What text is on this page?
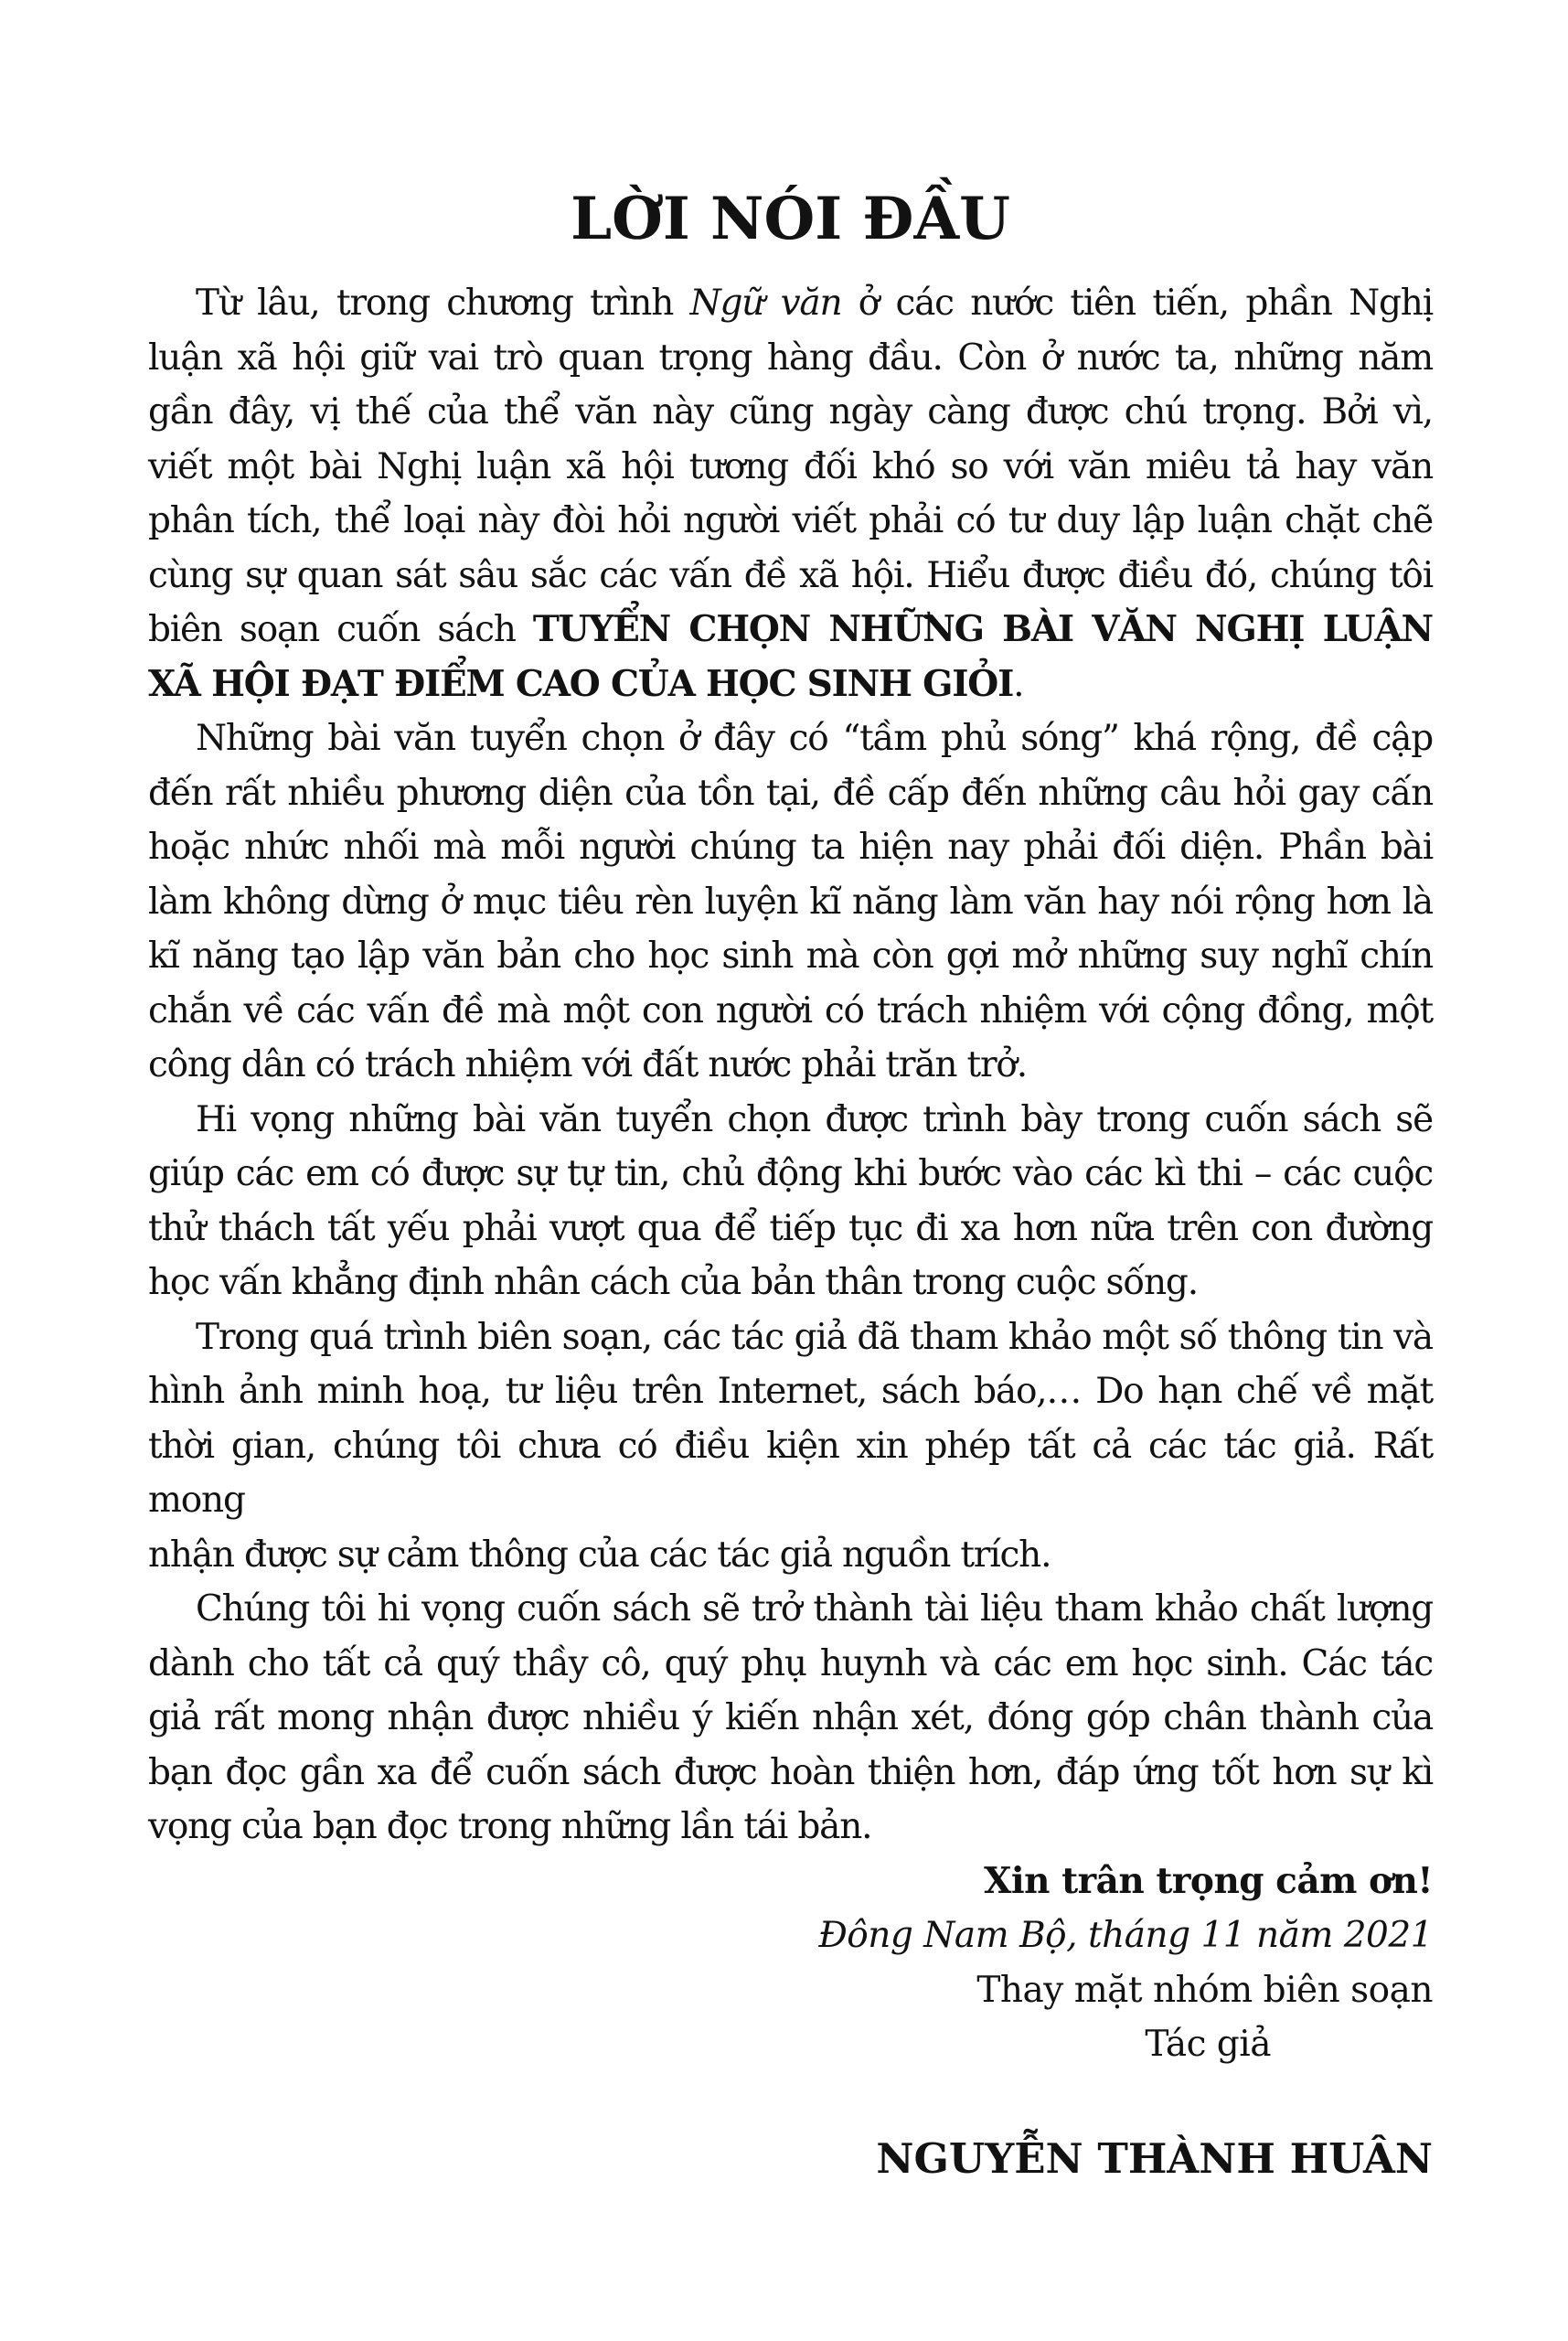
LỜI NÓI ĐẦU
Từ lâu, trong chương trình Ngữ văn ở các nước tiên tiến, phần Nghị
luận xã hội giữ vai trò quan trọng hàng đầu. Còn ở nước ta, những năm
gần đây, vị thế của thể văn này cũng ngày càng được chú trọng. Bởi vì,
viết một bài Nghị luận xã hội tương đối khó so với văn miêu tả hay văn
phân tích, thể loại này đòi hỏi người viết phải có tư duy lập luận chặt chẽ
cùng sự quan sát sâu sắc các vấn đề xã hội. Hiểu được điều đó, chúng tôi
biên soạn cuốn sách TUYỂN CHỌN NHỮNG BÀI VĂN NGHỊ LUẬN
XÃ HỘI ĐẠT ĐIỂM CAO CỦA HỌC SINH GIỎI.
Những bài văn tuyển chọn ở đây có “tầm phủ sóng” khá rộng, đề cập
đến rất nhiều phương diện của tồn tại, đề cấp đến những câu hỏi gay cấn
hoặc nhức nhối mà mỗi người chúng ta hiện nay phải đối diện. Phần bài
làm không dừng ở mục tiêu rèn luyện kĩ năng làm văn hay nói rộng hơn là
kĩ năng tạo lập văn bản cho học sinh mà còn gợi mở những suy nghĩ chín
chắn về các vấn đề mà một con người có trách nhiệm với cộng đồng, một
công dân có trách nhiệm với đất nước phải trăn trở.
Hi vọng những bài văn tuyển chọn được trình bày trong cuốn sách sẽ
giúp các em có được sự tự tin, chủ động khi bước vào các kì thi – các cuộc
thử thách tất yếu phải vượt qua để tiếp tục đi xa hơn nữa trên con đường
học vấn khẳng định nhân cách của bản thân trong cuộc sống.
Trong quá trình biên soạn, các tác giả đã tham khảo một số thông tin và
hình ảnh minh hoạ, tư liệu trên Internet, sách báo,… Do hạn chế về mặt
thời gian, chúng tôi chưa có điều kiện xin phép tất cả các tác giả. Rất mong
nhận được sự cảm thông của các tác giả nguồn trích.
Chúng tôi hi vọng cuốn sách sẽ trở thành tài liệu tham khảo chất lượng
dành cho tất cả quý thầy cô, quý phụ huynh và các em học sinh. Các tác
giả rất mong nhận được nhiều ý kiến nhận xét, đóng góp chân thành của
bạn đọc gần xa để cuốn sách được hoàn thiện hơn, đáp ứng tốt hơn sự kì
vọng của bạn đọc trong những lần tái bản.
Xin trân trọng cảm ơn!
Đông Nam Bộ, tháng 11 năm 2021
Thay mặt nhóm biên soạn
Tác giả
NGUYỄN THÀNH HUÂN
